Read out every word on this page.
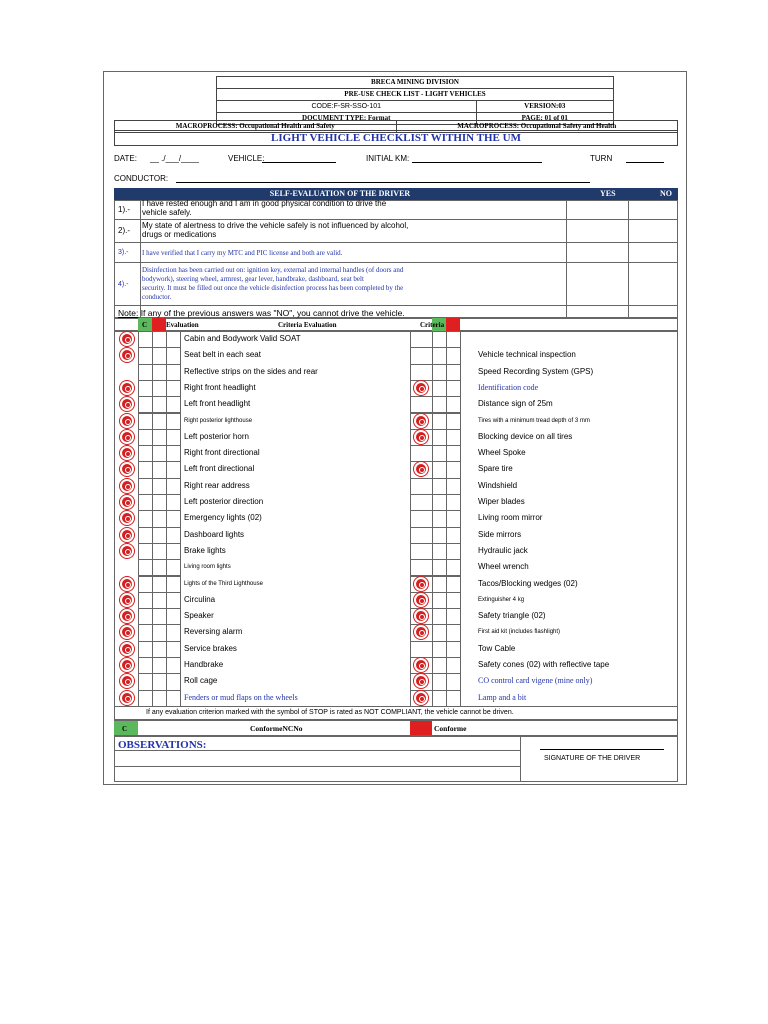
BRECA MINING DIVISION	
PRE-USE CHECK LIST - LIGHT VEHICLES	
CODE:F-SR-SSO-101	VERSION:03
DOCUMENT TYPE: Format	PAGE: 01 of 01
MACROPROCESS: Occupational Health and Safety	MACROPROCESS: Occupational Safety and Health
LIGHT VEHICLE CHECKLIST WITHIN THE UM
DATE: __ ./___/____	VEHICLE:	INITIAL KM:	TURN
CONDUCTOR:
SELF-EVALUATION OF THE DRIVER	YES	NO
1).-
I have rested enough and I am in good physical condition to drive the
vehicle safely.
2).-
My state of alertness to drive the vehicle safely is not influenced by alcohol,
drugs or medications
3).- I have verified that I carry my MTC and PIC license and both are valid.
4).-
Disinfection has been carried out on: ignition key, external and internal handles (of doors and
bodywork), steering wheel, armrest, gear lever, handbrake, dashboard, seat belt
security. It must be filled out once the vehicle disinfection process has been completed by the
conductor.
Note: If any of the previous answers was "NO", you cannot drive the vehicle.
C	Evaluation	Criteria Evaluation	Criteria
Cabin and Bodywork Valid SOAT
Seat belt in each seat	Vehicle technical inspection
Reflective strips on the sides and rear	Speed Recording System (GPS)
Right front headlight	Identification code
Left front headlight	Distance sign of 25m
Right posterior lighthouse	Tires with a minimum tread depth of 3 mm
Left posterior horn	Blocking device on all tires
Right front directional	Wheel Spoke
Left front directional	Spare tire
Right rear address	Windshield
Left posterior direction	Wiper blades
Emergency lights (02)	Living room mirror
Dashboard lights	Side mirrors
Brake lights	Hydraulic jack
Living room lights	Wheel wrench
Lights of the Third Lighthouse	Tacos/Blocking wedges (02)
Circulina	Extinguisher 4 kg
Speaker	Safety triangle (02)
Reversing alarm	First aid kit (includes flashlight)
Service brakes	Tow Cable
Handbrake	Safety cones (02) with reflective tape
Roll cage	CO control card vigene (mine only)
Fenders or mud flaps on the wheels	Lamp and a bit
If any evaluation criterion marked with the symbol of STOP is rated as NOT COMPLIANT, the vehicle cannot be driven.
C	ConformeNCNo	Conforme
OBSERVATIONS:
SIGNATURE OF THE DRIVER
